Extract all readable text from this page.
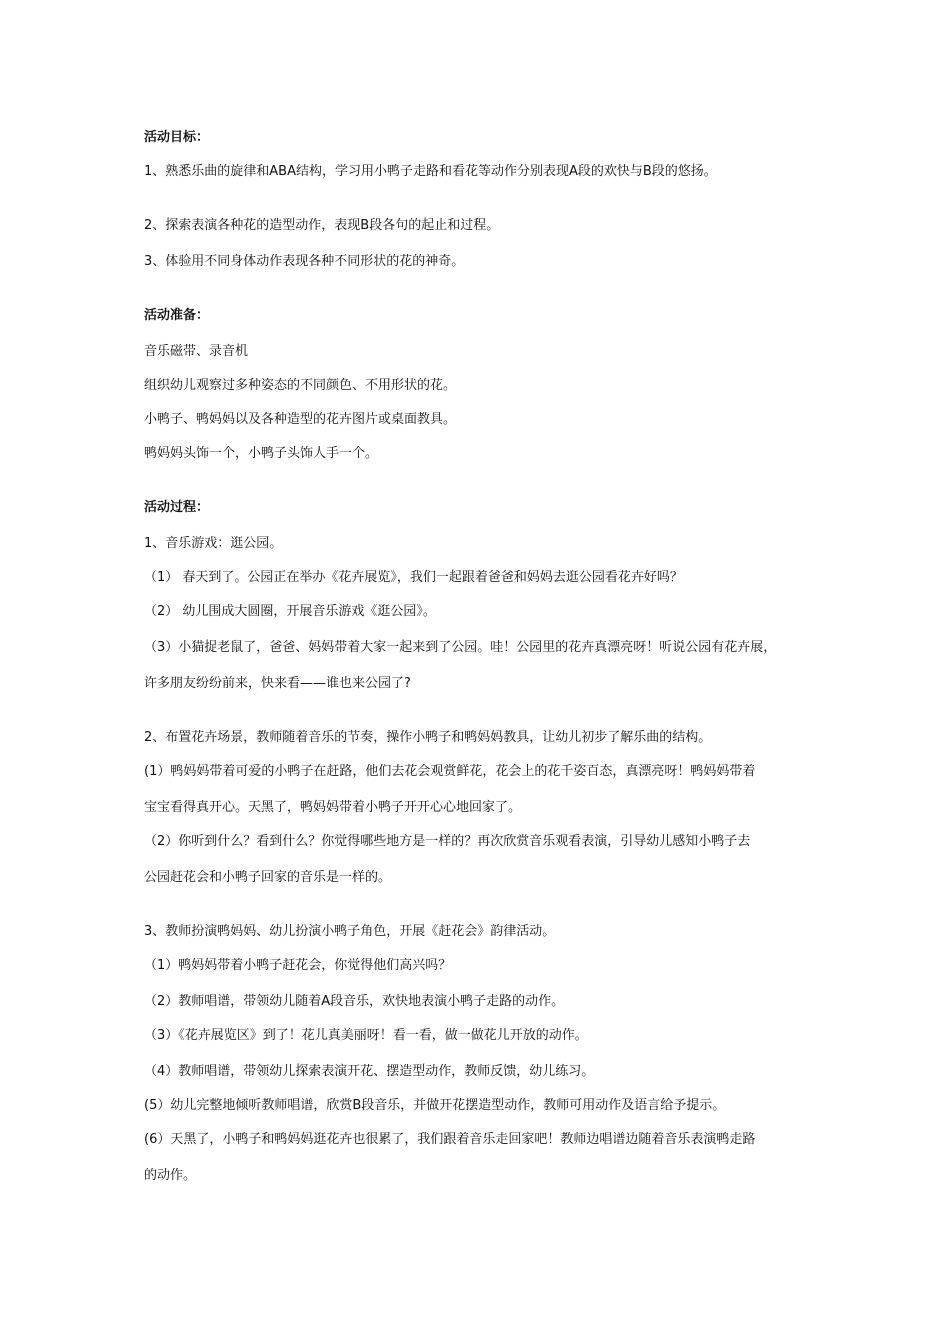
活动目标：
1、熟悉乐曲的旋律和ABA结构，学习用小鸭子走路和看花等动作分别表现A段的欢快与B段的悠扬。
2、探索表演各种花的造型动作，表现B段各句的起止和过程。
3、体验用不同身体动作表现各种不同形状的花的神奇。
活动准备：
音乐磁带、录音机
组织幼儿观察过多种姿态的不同颜色、不用形状的花。
小鸭子、鸭妈妈以及各种造型的花卉图片或桌面教具。
鸭妈妈头饰一个，小鸭子头饰人手一个。
活动过程：
1、音乐游戏：逛公园。
（1） 春天到了。公园正在举办《花卉展览》，我们一起跟着爸爸和妈妈去逛公园看花卉好吗？
（2） 幼儿围成大圆圈，开展音乐游戏《逛公园》。
（3）小猫捉老鼠了，爸爸、妈妈带着大家一起来到了公园。哇！公园里的花卉真漂亮呀！听说公园有花卉展，
许多朋友纷纷前来，快来看——谁也来公园了?
2、布置花卉场景，教师随着音乐的节奏，操作小鸭子和鸭妈妈教具，让幼儿初步了解乐曲的结构。
(1）鸭妈妈带着可爱的小鸭子在赶路，他们去花会观赏鲜花，花会上的花千姿百态，真漂亮呀！鸭妈妈带着
宝宝看得真开心。天黑了，鸭妈妈带着小鸭子开开心心地回家了。
（2）你听到什么？看到什么？你觉得哪些地方是一样的？再次欣赏音乐观看表演，引导幼儿感知小鸭子去
公园赶花会和小鸭子回家的音乐是一样的。
3、教师扮演鸭妈妈、幼儿扮演小鸭子角色，开展《赶花会》韵律活动。
（1）鸭妈妈带着小鸭子赶花会，你觉得他们高兴吗？
（2）教师唱谱，带领幼儿随着A段音乐，欢快地表演小鸭子走路的动作。
（3）《花卉展览区》到了！花儿真美丽呀！看一看，做一做花儿开放的动作。
（4）教师唱谱，带领幼儿探索表演开花、摆造型动作，教师反馈，幼儿练习。
(5）幼儿完整地倾听教师唱谱，欣赏B段音乐，并做开花摆造型动作，教师可用动作及语言给予提示。
(6）天黑了，小鸭子和鸭妈妈逛花卉也很累了，我们跟着音乐走回家吧！教师边唱谱边随着音乐表演鸭走路
的动作。
